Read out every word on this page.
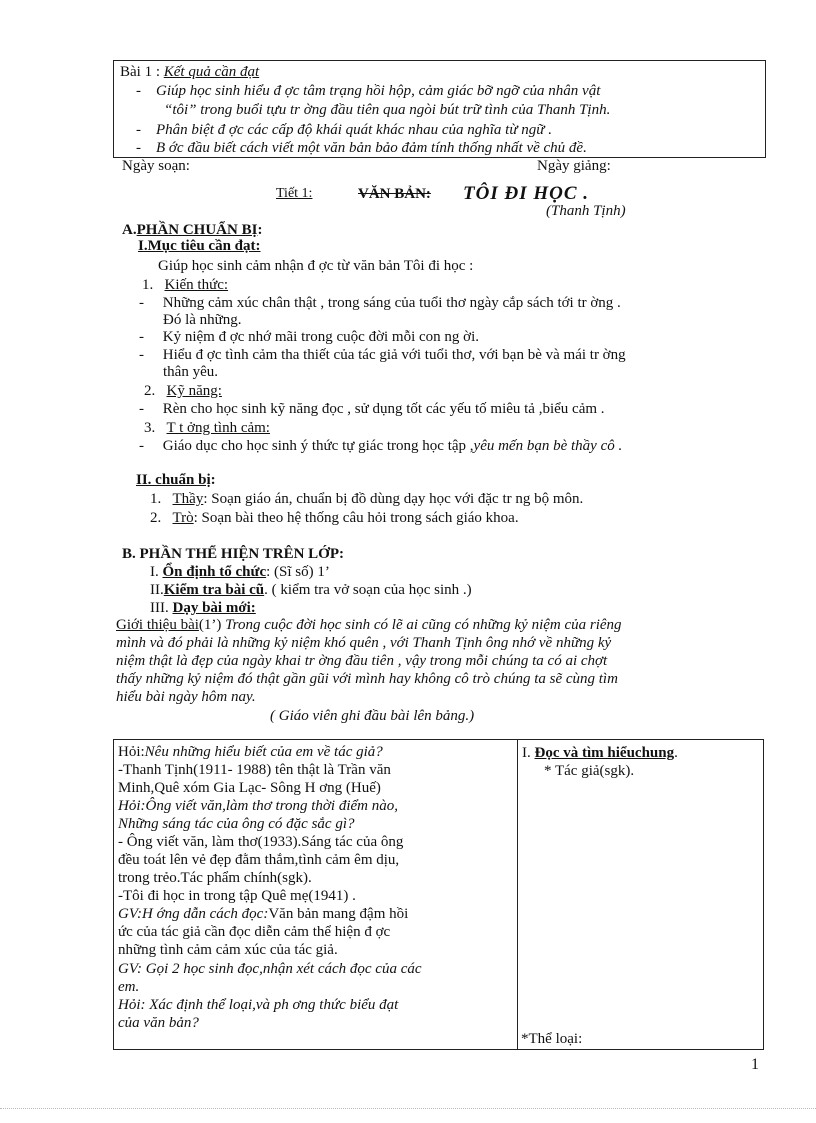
Bài 1 : Kết quả cần đạt
-    Giúp học sinh hiểu đ ợc tâm trạng hồi hộp, cảm giác bỡ ngỡ của nhân vật
“tôi” trong buổi tựu tr ờng đầu tiên qua ngòi bút trữ tình của Thanh Tịnh.
-    Phân biệt đ ợc các cấp độ khái quát khác nhau của nghĩa từ ngữ .
-    B ớc đầu biết cách viết một văn bản bảo đảm tính thống nhất về chủ đề.
Ngày soạn:	Ngày giảng:
Tiết 1:	VĂN BẢN: TÔI ĐI HỌC .
(Thanh Tịnh)
A.PHẦN CHUẨN BỊ:
I.Mục tiêu cần đạt:
Giúp học sinh cảm nhận đ ợc từ văn bản Tôi đi học :
1. Kiến thức:
-     Những cảm xúc chân thật , trong sáng của tuổi thơ ngày cắp sách tới tr ờng .
Đó là những.
-     Kỷ niệm đ ợc nhớ mãi trong cuộc đời mỗi con ng ời.
-     Hiểu đ ợc tình cảm tha thiết của tác giả với tuổi thơ, với bạn bè và mái tr ờng
thân yêu.
2. Kỹ năng:
-     Rèn cho học sinh kỹ năng đọc , sử dụng tốt các yếu tố miêu tả ,biểu cảm .
3. T t ởng tình cảm:
-     Giáo dục cho học sinh ý thức tự giác trong học tập ,yêu mến bạn bè thầy cô .
II. chuẩn bị:
1. Thầy: Soạn giáo án, chuẩn bị đồ dùng dạy học với đặc tr ng bộ môn.
2. Trò: Soạn bài theo hệ thống câu hỏi trong sách giáo khoa.
B. PHẦN THỂ HIỆN TRÊN LỚP:
I. Ổn định tổ chức: (Sĩ số) 1’
II.Kiểm tra bài cũ. ( kiểm tra vở soạn của học sinh .)
III. Dạy bài mới:
Giới thiệu bài(1’) Trong cuộc đời học sinh có lẽ ai cũng có những kỷ niệm của riêng
mình và đó phải là những kỷ niệm khó quên , với Thanh Tịnh ông nhớ về những kỷ
niệm thật là đẹp của ngày khai tr ờng đầu tiên , vậy trong mỗi chúng ta có ai chợt
thấy những kỷ niệm đó thật gần gũi với mình hay không cô trò chúng ta sẽ cùng tìm
hiểu bài ngày hôm nay.
( Giáo viên ghi đầu bài lên bảng.)
Hỏi:Nêu những hiểu biết của em về tác giả?
-Thanh Tịnh(1911- 1988) tên thật là Trần văn
Minh,Quê xóm Gia Lạc- Sông H ơng (Huế)
Hỏi:Ông viết văn,làm thơ trong thời điểm nào,
Những sáng tác của ông có đặc sắc gì?
- Ông viết văn, làm thơ(1933).Sáng tác của ông
đều toát lên vẻ đẹp đằm thắm,tình cảm êm dịu,
trong trẻo.Tác phẩm chính(sgk).
-Tôi đi học in trong tập Quê mẹ(1941) .
GV:H ớng dẫn cách đọc:Văn bản mang đậm hồi
ức của tác giả cần đọc diễn cảm thể hiện đ ợc
những tình cảm cảm xúc của tác giả.
GV: Gọi 2 học sinh đọc,nhận xét cách đọc của các
em.
Hỏi: Xác định thể loại,và ph ơng thức biểu đạt
của văn bản?
I. Đọc và tìm hiểuchung.
* Tác giả(sgk).
*Thể loại:
1
